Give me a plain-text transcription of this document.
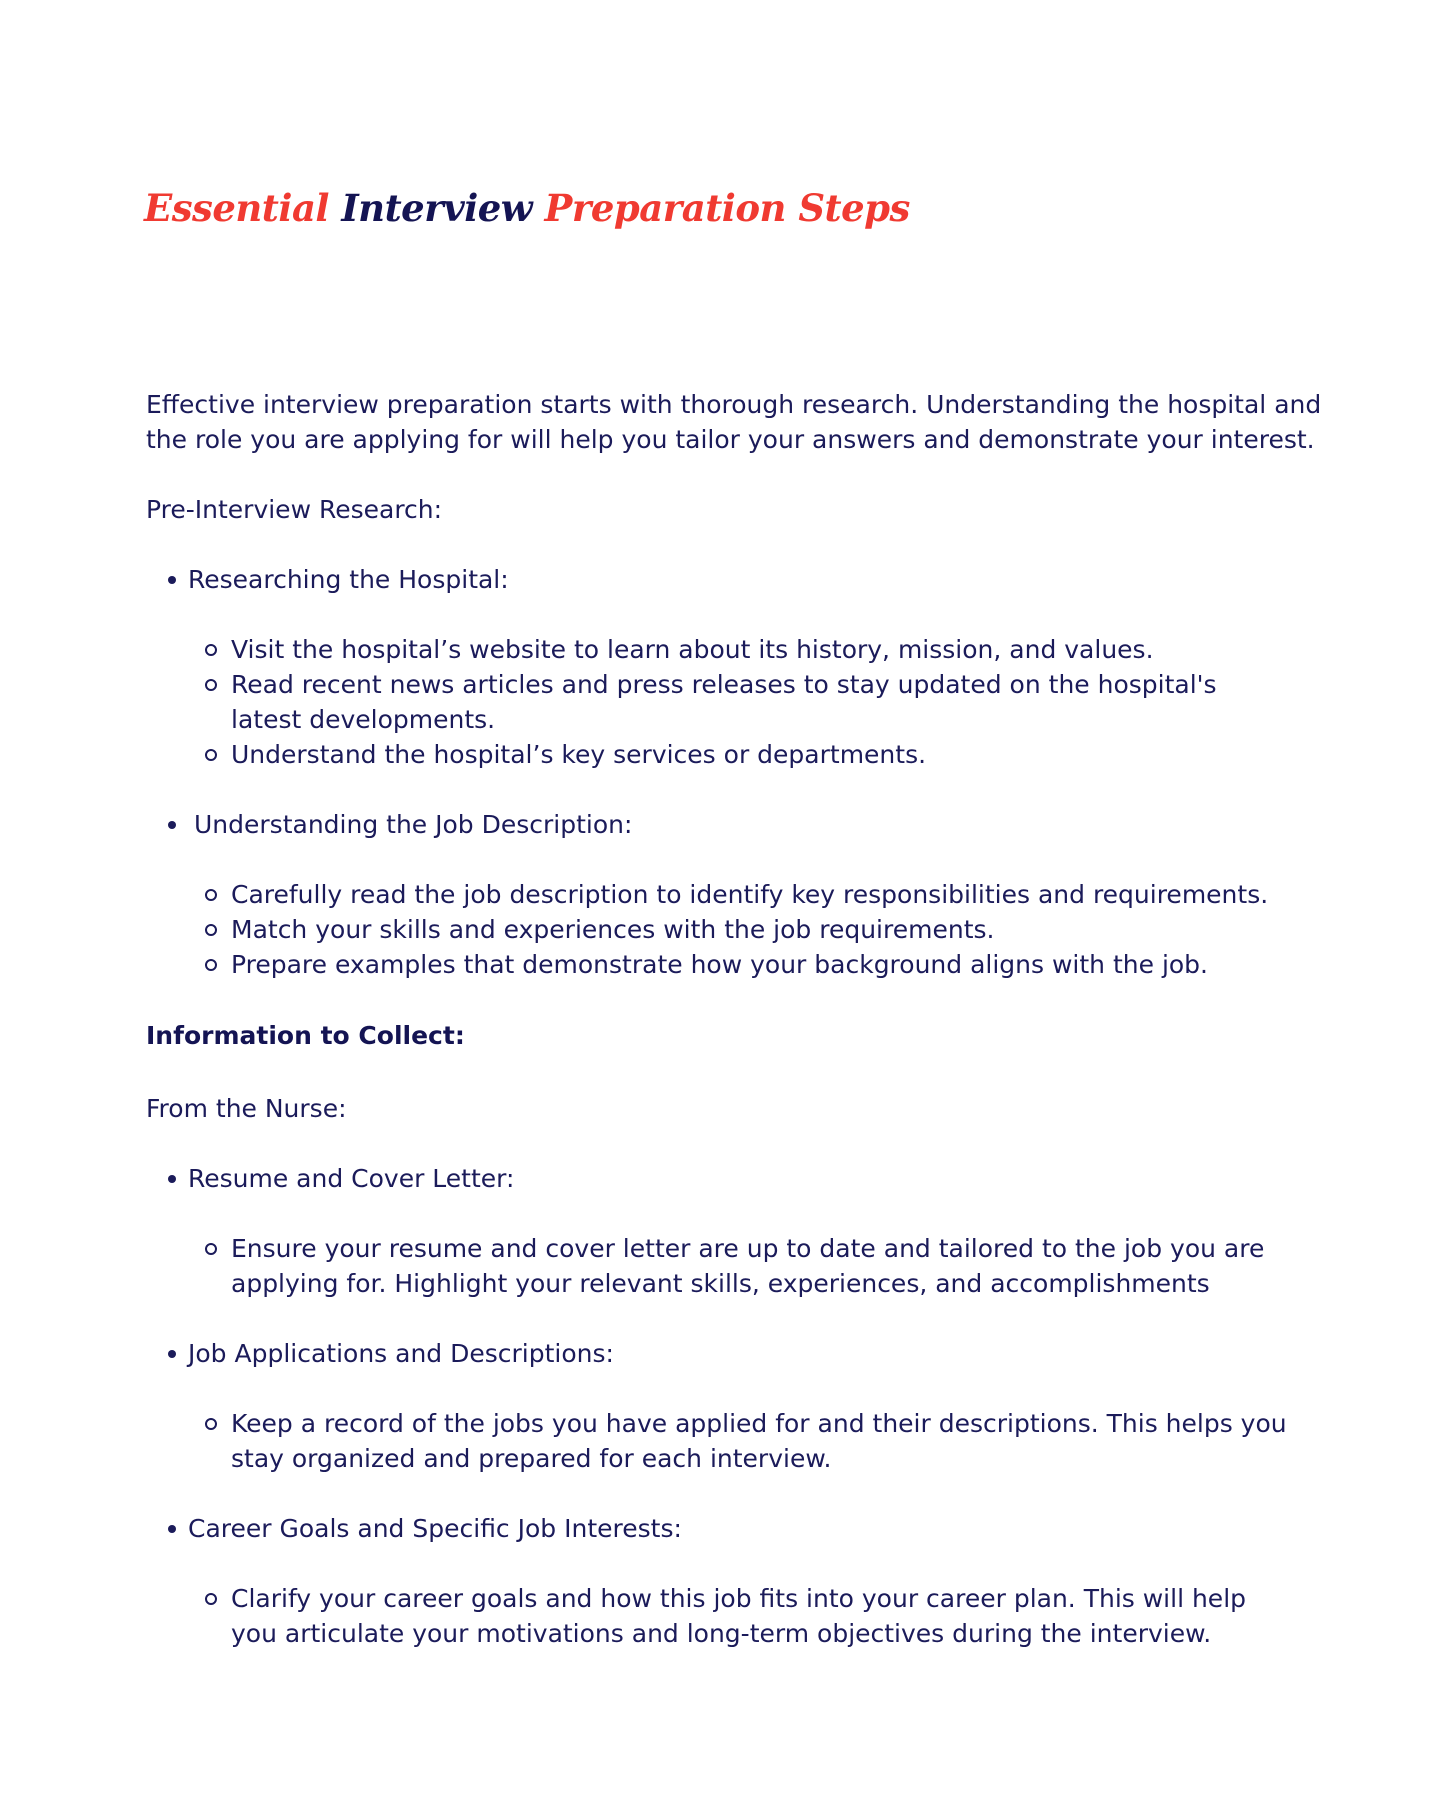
Essential Interview Preparation Steps

Effective interview preparation starts with thorough research. Understanding the hospital and the role you are applying for will help you tailor your answers and demonstrate your interest.

Pre-Interview Research:

Researching the Hospital:
Visit the hospital’s website to learn about its history, mission, and values.
Read recent news articles and press releases to stay updated on the hospital's latest developments.
Understand the hospital’s key services or departments.
Understanding the Job Description:
Carefully read the job description to identify key responsibilities and requirements.
Match your skills and experiences with the job requirements.
Prepare examples that demonstrate how your background aligns with the job.

Information to Collect:

From the Nurse:

Resume and Cover Letter:
Ensure your resume and cover letter are up to date and tailored to the job you are applying for. Highlight your relevant skills, experiences, and accomplishments
Job Applications and Descriptions:
Keep a record of the jobs you have applied for and their descriptions. This helps you stay organized and prepared for each interview.
Career Goals and Specific Job Interests:
Clarify your career goals and how this job fits into your career plan. This will help you articulate your motivations and long-term objectives during the interview.
